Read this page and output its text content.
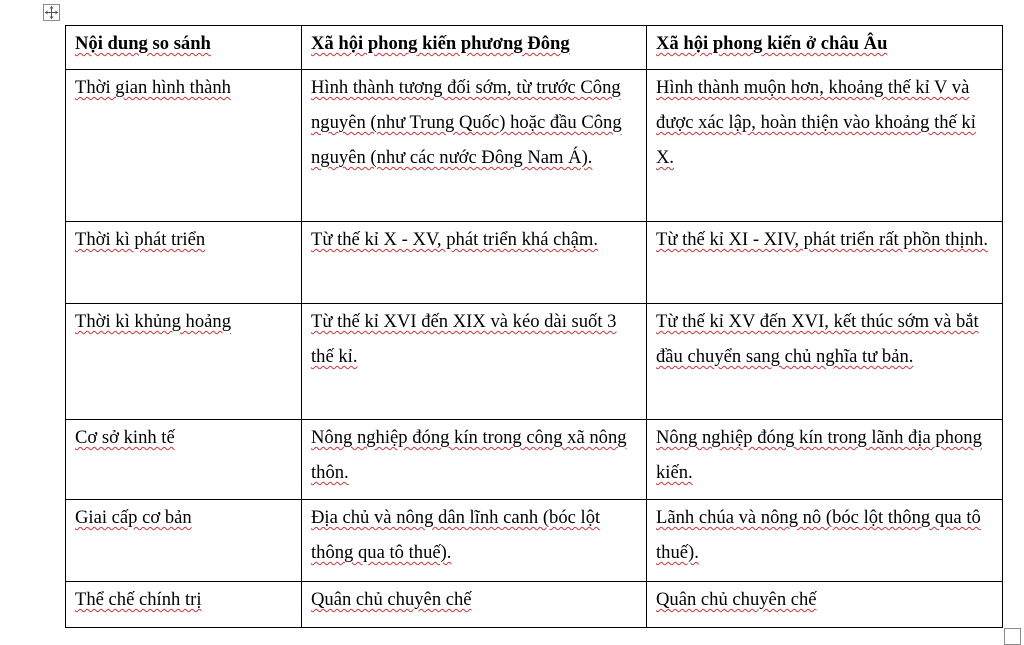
Nội dung so sánh	Xã hội phong kiến phương Đông	Xã hội phong kiến ở châu Âu
Thời gian hình thành	Hình thành tương đối sớm, từ trước Công nguyên (như Trung Quốc) hoặc đầu Công nguyên (như các nước Đông Nam Á).	Hình thành muộn hơn, khoảng thế kỉ V và được xác lập, hoàn thiện vào khoảng thế kỉ X.
Thời kì phát triển	Từ thế kỉ X - XV, phát triển khá chậm.	Từ thế kỉ XI - XIV, phát triển rất phồn thịnh.
Thời kì khủng hoảng	Từ thế kỉ XVI đến XIX và kéo dài suốt 3 thế kỉ.	Từ thế kỉ XV đến XVI, kết thúc sớm và bắt đầu chuyển sang chủ nghĩa tư bản.
Cơ sở kinh tế	Nông nghiệp đóng kín trong công xã nông thôn.	Nông nghiệp đóng kín trong lãnh địa phong kiến.
Giai cấp cơ bản	Địa chủ và nông dân lĩnh canh (bóc lột thông qua tô thuế).	Lãnh chúa và nông nô (bóc lột thông qua tô thuế).
Thể chế chính trị	Quân chủ chuyên chế	Quân chủ chuyên chế
